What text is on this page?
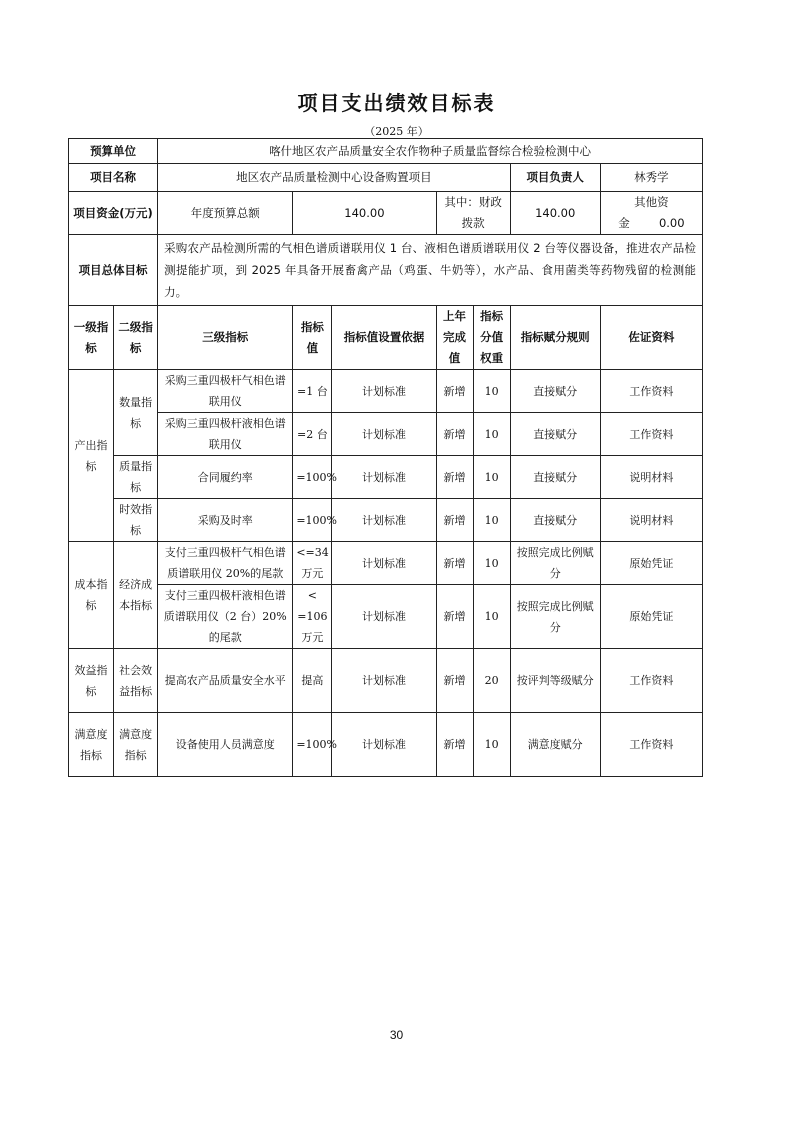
项目支出绩效目标表
（2025 年）
预算单位		喀什地区农产品质量安全农作物种子质量监督综合检验检测中心						
项目名称		地区农产品质量检测中心设备购置项目					项目负责人	林秀学
项目资金(万元)		年度预算总额	140.00		其中：财政拨款		140.00	其他资金 0.00
项目总体目标		采购农产品检测所需的气相色谱质谱联用仪 1 台、液相色谱质谱联用仪 2 台等仪器设备，推进农产品检测提能扩项，到 2025 年具备开展畜禽产品（鸡蛋、牛奶等），水产品、食用菌类等药物残留的检测能力。						
一级指标	二级指标	三级指标	指标值	指标值设置依据	上年完成值	指标分值权重	指标赋分规则	佐证资料
产出指标	数量指标	采购三重四极杆气相色谱联用仪	=1 台	计划标准	新增	10	直接赋分	工作资料
		采购三重四极杆液相色谱联用仪	=2 台	计划标准	新增	10	直接赋分	工作资料
	质量指标	合同履约率	=100%	计划标准	新增	10	直接赋分	说明材料
	时效指标	采购及时率	=100%	计划标准	新增	10	直接赋分	说明材料
成本指标	经济成本指标	支付三重四极杆气相色谱质谱联用仪 20%的尾款	<=34 万元	计划标准	新增	10	按照完成比例赋分	原始凭证
		支付三重四极杆液相色谱质谱联用仪（2 台）20%的尾款	< =106 万元	计划标准	新增	10	按照完成比例赋分	原始凭证
效益指标	社会效益指标	提高农产品质量安全水平	提高	计划标准	新增	20	按评判等级赋分	工作资料
满意度指标	满意度指标	设备使用人员满意度	=100%	计划标准	新增	10	满意度赋分	工作资料
30
